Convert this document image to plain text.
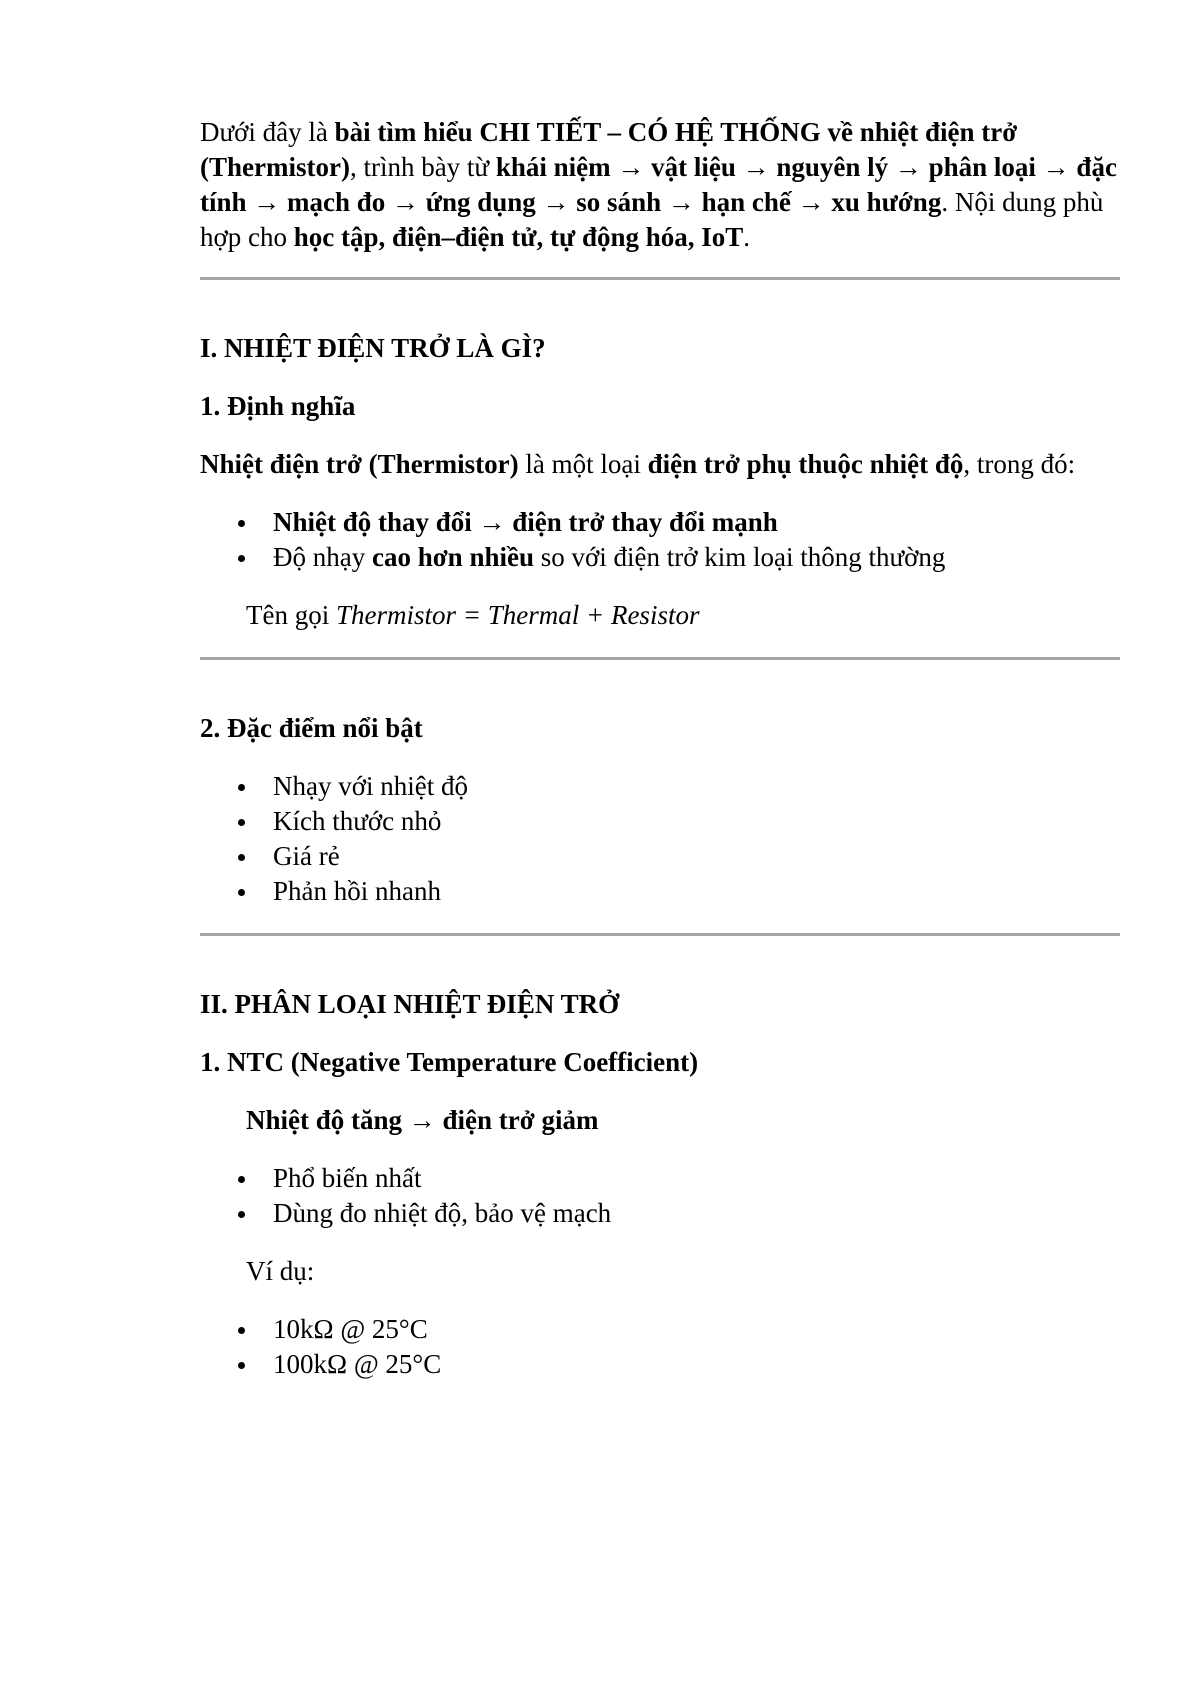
Dưới đây là bài tìm hiểu CHI TIẾT – CÓ HỆ THỐNG về nhiệt điện trở (Thermistor), trình bày từ khái niệm → vật liệu → nguyên lý → phân loại → đặc tính → mạch đo → ứng dụng → so sánh → hạn chế → xu hướng. Nội dung phù hợp cho học tập, điện–điện tử, tự động hóa, IoT.

I. NHIỆT ĐIỆN TRỞ LÀ GÌ?
1. Định nghĩa

Nhiệt điện trở (Thermistor) là một loại điện trở phụ thuộc nhiệt độ, trong đó:

Nhiệt độ thay đổi → điện trở thay đổi mạnh
Độ nhạy cao hơn nhiều so với điện trở kim loại thông thường

Tên gọi Thermistor = Thermal + Resistor

2. Đặc điểm nổi bật
Nhạy với nhiệt độ
Kích thước nhỏ
Giá rẻ
Phản hồi nhanh
II. PHÂN LOẠI NHIỆT ĐIỆN TRỞ
1. NTC (Negative Temperature Coefficient)

Nhiệt độ tăng → điện trở giảm

Phổ biến nhất
Dùng đo nhiệt độ, bảo vệ mạch

Ví dụ:

10kΩ @ 25°C
100kΩ @ 25°C
